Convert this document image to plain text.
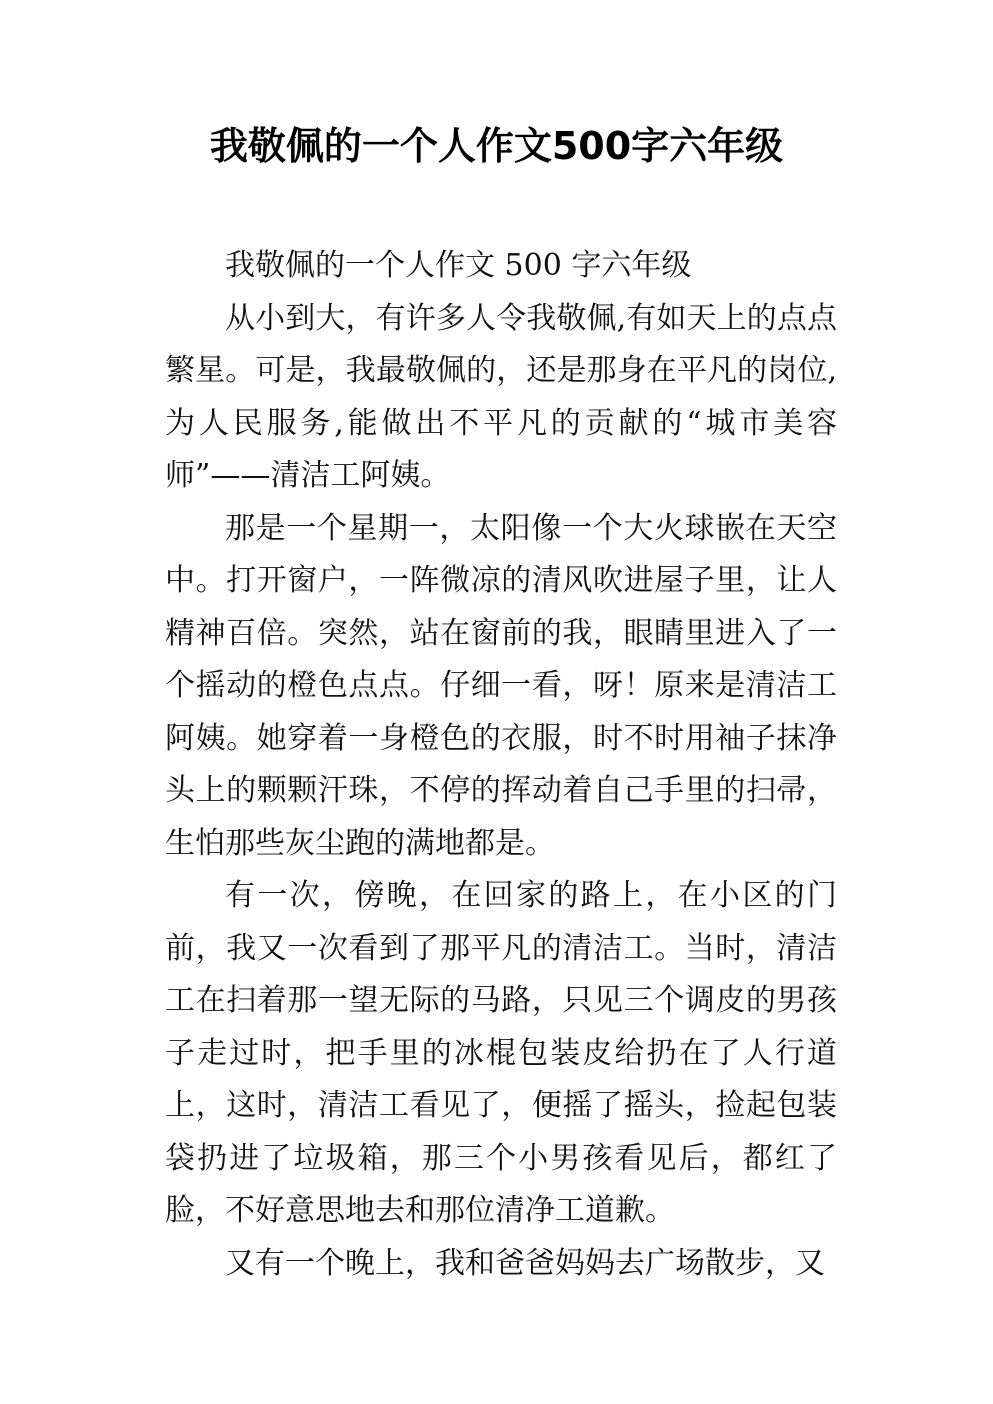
我敬佩的一个人作文500字六年级

我敬佩的一个人作文 500 字六年级

从小到大，有许多人令我敬佩,有如天上的点点繁星。可是，我最敬佩的，还是那身在平凡的岗位,为人民服务,能做出不平凡的贡献的“城市美容师”——清洁工阿姨。

那是一个星期一，太阳像一个大火球嵌在天空中。打开窗户，一阵微凉的清风吹进屋子里，让人精神百倍。突然，站在窗前的我，眼睛里进入了一个摇动的橙色点点。仔细一看，呀！原来是清洁工阿姨。她穿着一身橙色的衣服，时不时用袖子抹净头上的颗颗汗珠，不停的挥动着自己手里的扫帚，生怕那些灰尘跑的满地都是。

有一次，傍晚，在回家的路上，在小区的门前，我又一次看到了那平凡的清洁工。当时，清洁工在扫着那一望无际的马路，只见三个调皮的男孩子走过时，把手里的冰棍包装皮给扔在了人行道上，这时，清洁工看见了，便摇了摇头，捡起包装袋扔进了垃圾箱，那三个小男孩看见后，都红了脸，不好意思地去和那位清净工道歉。

又有一个晚上，我和爸爸妈妈去广场散步，又
